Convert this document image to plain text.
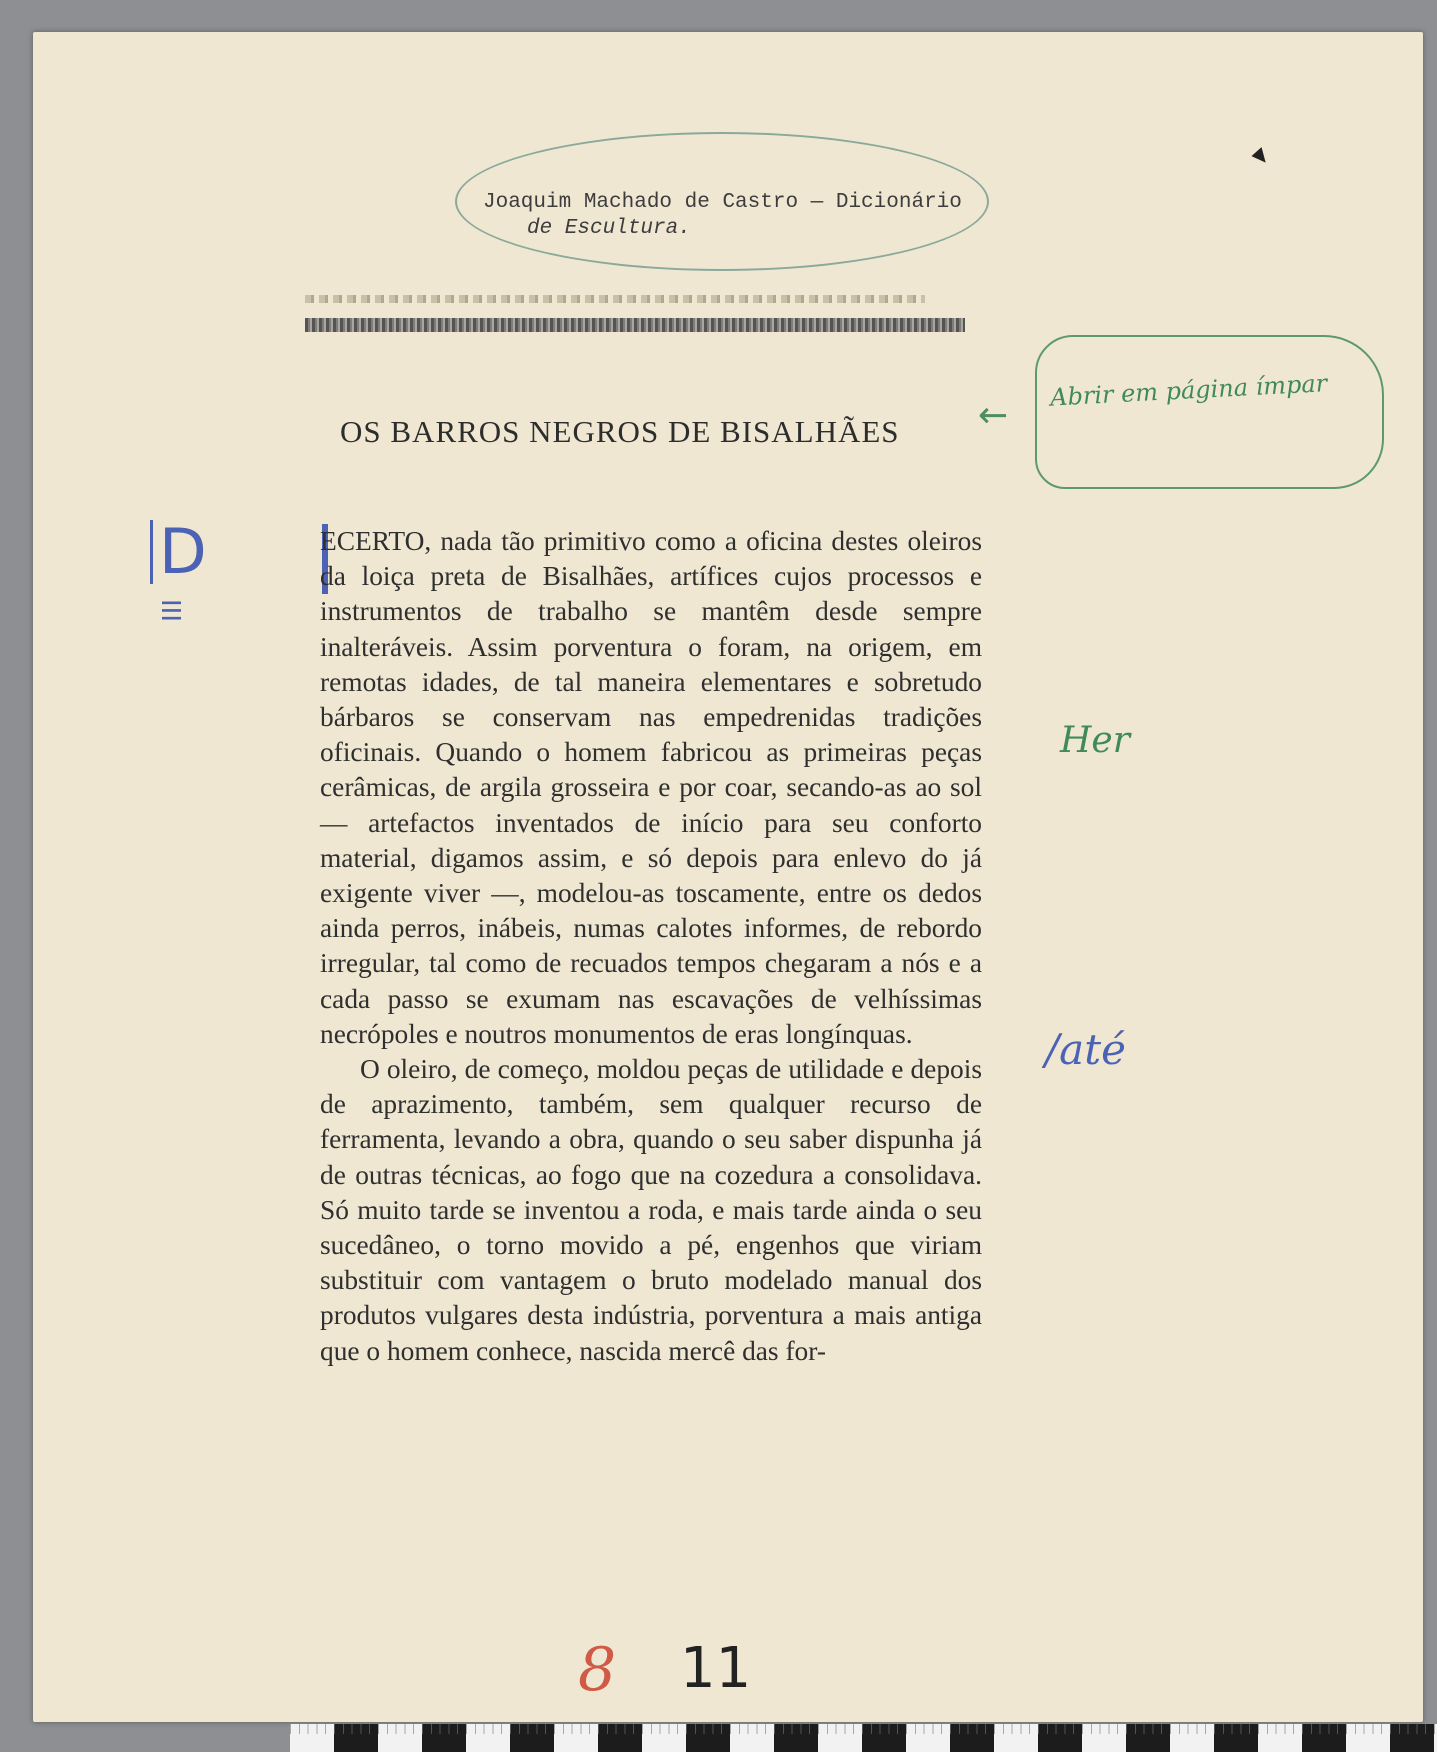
Joaquim Machado de Castro — Dicionário
de Escultura.
OS BARROS NEGROS DE BISALHÃES	←
Abrir em página ímpar
D
III

ECERTO, nada tão primitivo como a oficina destes oleiros da loiça preta de Bisalhães, artífices cujos processos e instrumentos de trabalho se mantêm desde sempre inalteráveis. Assim porventura o foram, na origem, em remotas idades, de tal maneira elementares e sobretudo bárbaros se conservam nas empedrenidas tradições oficinais. Quando o homem fabricou as primeiras peças cerâmicas, de argila grosseira e por coar, secando-as ao sol — artefactos inventados de início para seu conforto material, digamos assim, e só depois para enlevo do já exigente viver —, modelou-as toscamente, entre os dedos ainda perros, inábeis, numas calotes informes, de rebordo irregular, tal como de recuados tempos chegaram a nós e a cada passo se exumam nas escavações de velhíssimas necrópoles e noutros monumentos de eras longínquas.

O oleiro, de começo, moldou peças de utilidade e depois de aprazimento, também, sem qualquer recurso de ferramenta, levando a obra, quando o seu saber dispunha já de outras técnicas, ao fogo que na cozedura a consolidava. Só muito tarde se inventou a roda, e mais tarde ainda o seu sucedâneo, o torno movido a pé, engenhos que viriam substituir com vantagem o bruto modelado manual dos produtos vulgares desta indústria, porventura a mais antiga que o homem conhece, nascida mercê das for-

Her
/até
8 11
